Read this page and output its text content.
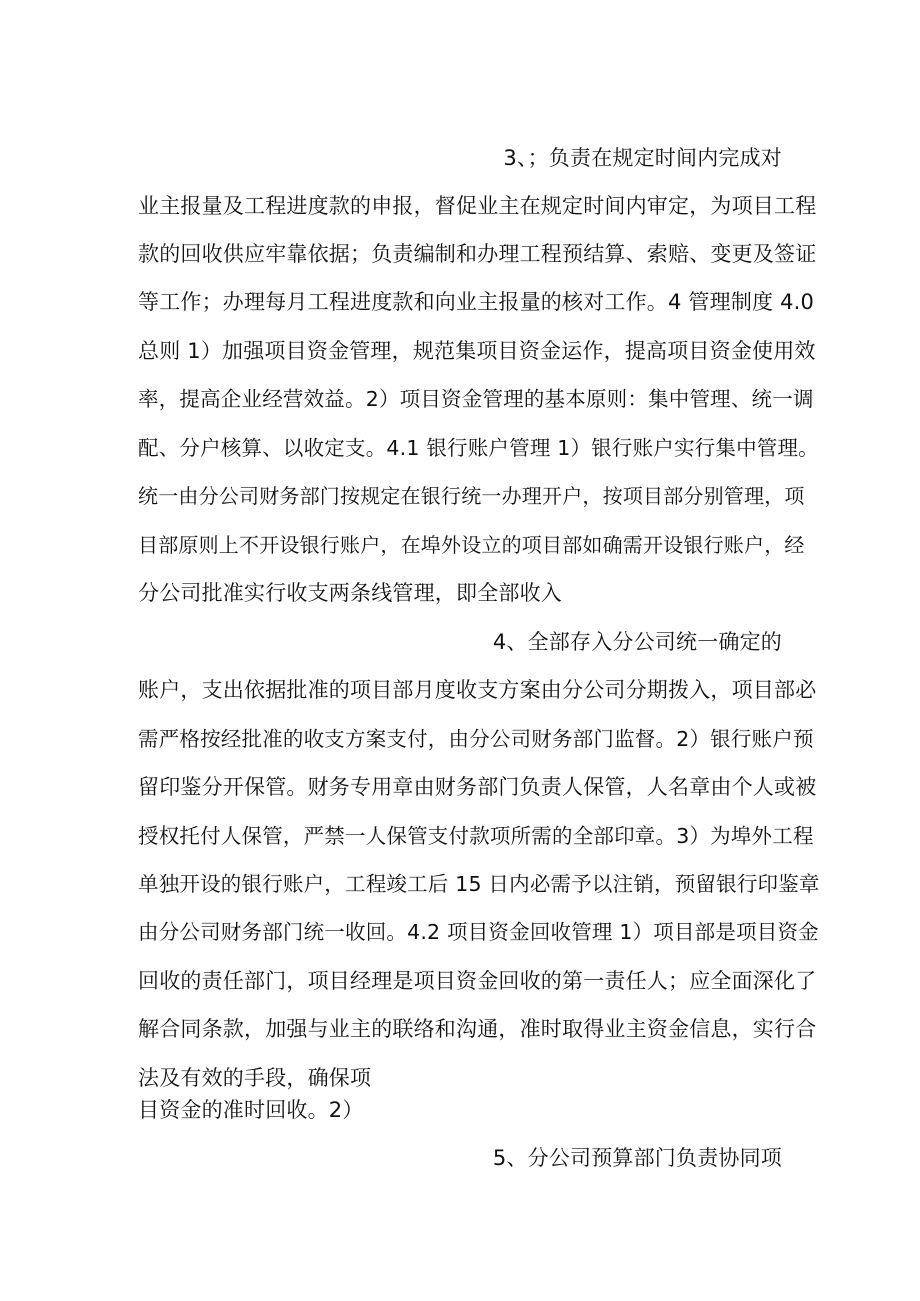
3、；负责在规定时间内完成对
业主报量及工程进度款的申报，督促业主在规定时间内审定，为项目工程
款的回收供应牢靠依据；负责编制和办理工程预结算、索赔、变更及签证
等工作；办理每月工程进度款和向业主报量的核对工作。4 管理制度 4.0
总则 1）加强项目资金管理，规范集项目资金运作，提高项目资金使用效
率，提高企业经营效益。2）项目资金管理的基本原则：集中管理、统一调
配、分户核算、以收定支。4.1 银行账户管理 1）银行账户实行集中管理。
统一由分公司财务部门按规定在银行统一办理开户，按项目部分别管理，项
目部原则上不开设银行账户，在埠外设立的项目部如确需开设银行账户，经
分公司批准实行收支两条线管理，即全部收入
4、全部存入分公司统一确定的
账户，支出依据批准的项目部月度收支方案由分公司分期拨入，项目部必
需严格按经批准的收支方案支付，由分公司财务部门监督。2）银行账户预
留印鉴分开保管。财务专用章由财务部门负责人保管，人名章由个人或被
授权托付人保管，严禁一人保管支付款项所需的全部印章。3）为埠外工程
单独开设的银行账户，工程竣工后 15 日内必需予以注销，预留银行印鉴章
由分公司财务部门统一收回。4.2 项目资金回收管理 1）项目部是项目资金
回收的责任部门，项目经理是项目资金回收的第一责任人；应全面深化了
解合同条款，加强与业主的联络和沟通，准时取得业主资金信息，实行合
法及有效的手段，确保项
目资金的准时回收。2）
5、分公司预算部门负责协同项
